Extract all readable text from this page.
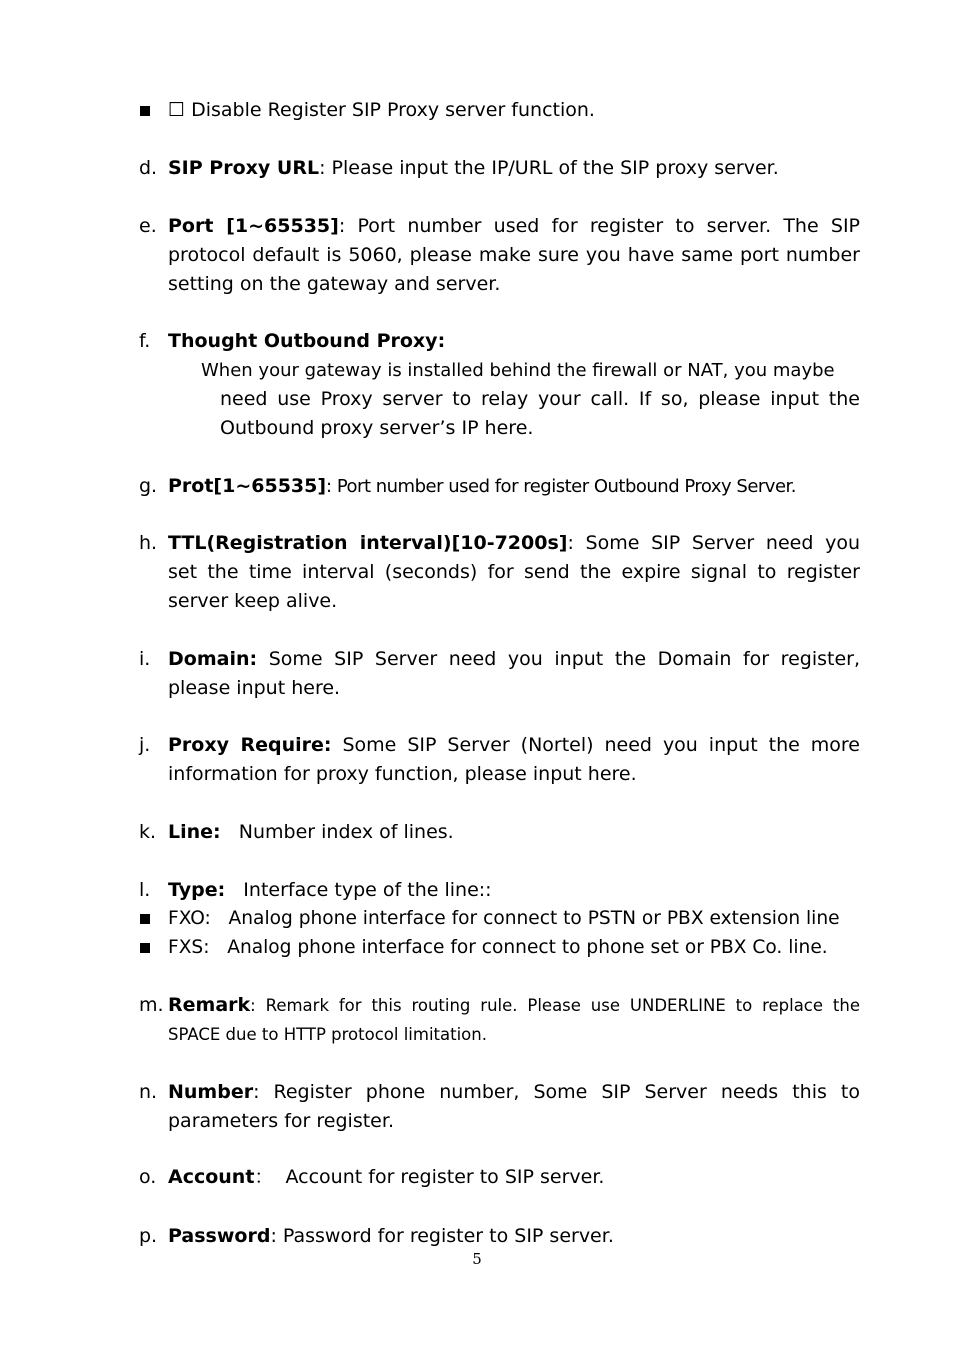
☐ Disable Register SIP Proxy server function.
d. SIP Proxy URL: Please input the IP/URL of the SIP proxy server.
e. Port [1~65535]: Port number used for register to server. The SIP protocol default is 5060, please make sure you have same port number setting on the gateway and server.
f. Thought Outbound Proxy:
When your gateway is installed behind the firewall or NAT, you maybe
need use Proxy server to relay your call. If so, please input the Outbound proxy server’s IP here.
g. Prot[1~65535]: Port number used for register Outbound Proxy Server.
h. TTL(Registration interval)[10-7200s]: Some SIP Server need you set the time interval (seconds) for send the expire signal to register server keep alive.
i. Domain: Some SIP Server need you input the Domain for register, please input here.
j. Proxy Require: Some SIP Server (Nortel) need you input the more information for proxy function, please input here.
k. Line:   Number index of lines.
l. Type:   Interface type of the line::
FXO:   Analog phone interface for connect to PSTN or PBX extension line
FXS:   Analog phone interface for connect to phone set or PBX Co. line.
m. Remark: Remark for this routing rule. Please use UNDERLINE to replace the SPACE due to HTTP protocol limitation.
n. Number: Register phone number, Some SIP Server needs this to parameters for register.
o. Account：  Account for register to SIP server.
p. Password: Password for register to SIP server.
5
